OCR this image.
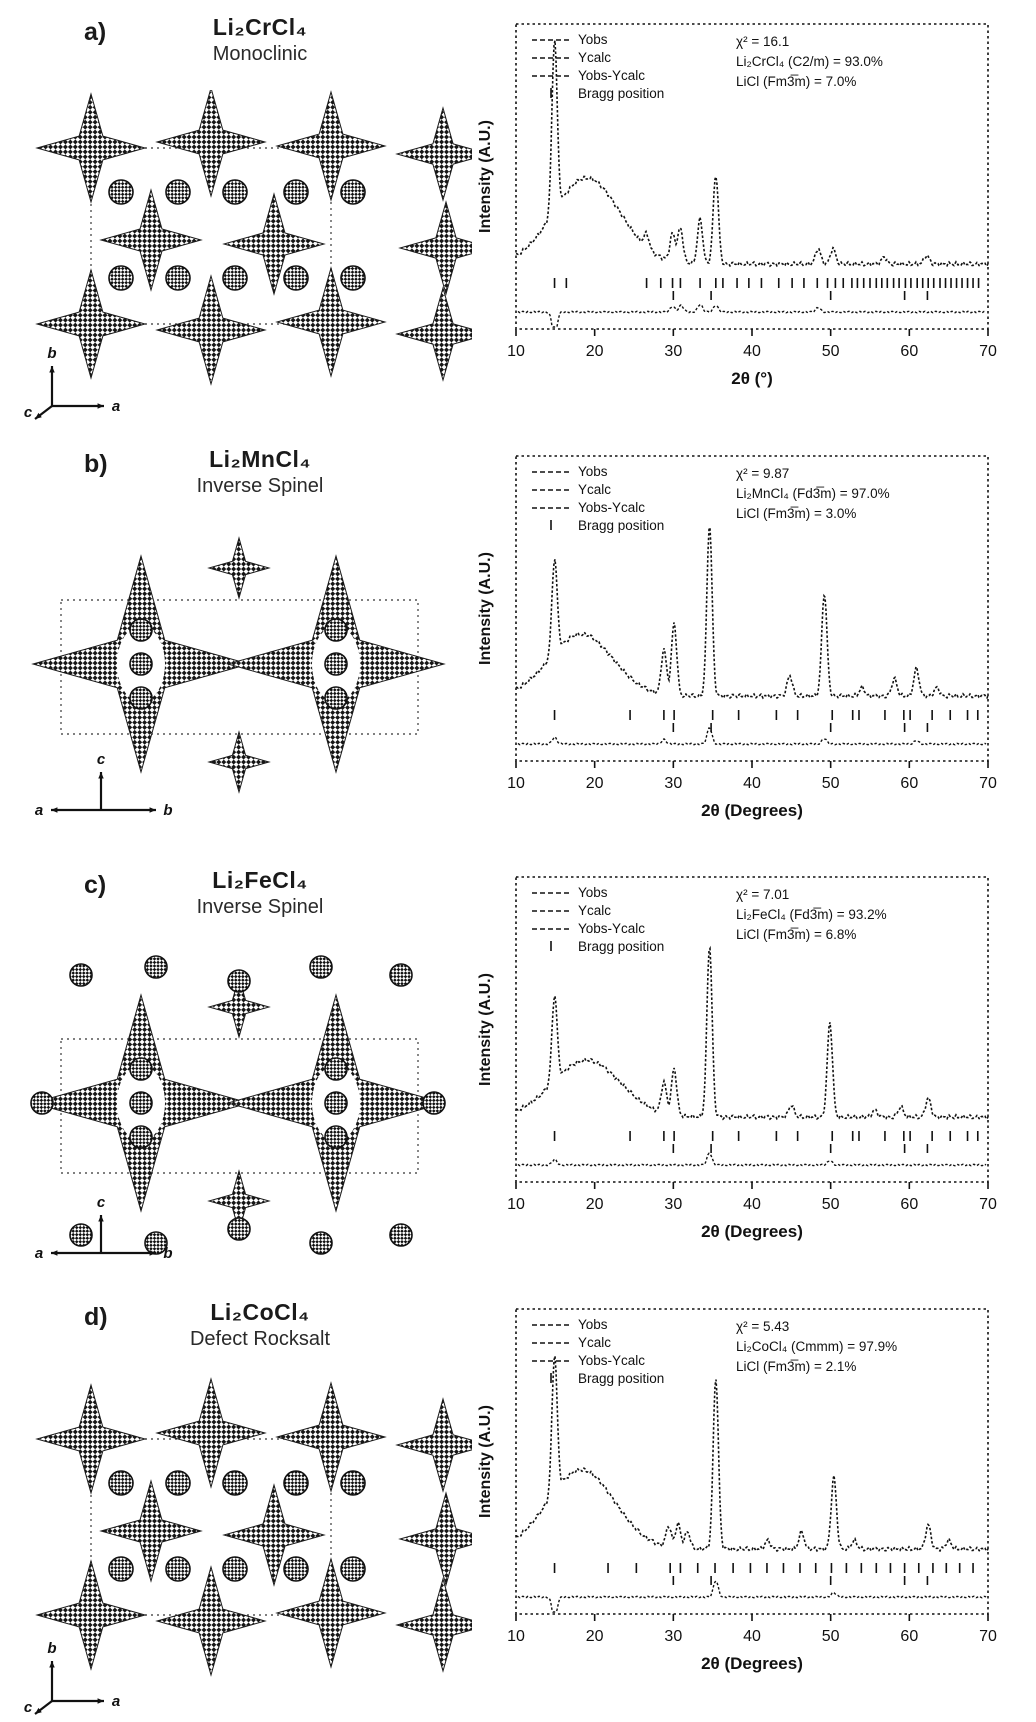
a)	Li₂CrCl₄
Monoclinic
b
a
c
Intensity (A.U.)
10	20	30	40	50	60	70
2θ (°)
Yobs
Ycalc
Yobs-Ycalc
Bragg position
χ² = 16.1
Li₂CrCl₄ (C2/m) = 93.0%
LiCl (Fm3̅m) = 7.0%
b)	Li₂MnCl₄
Inverse Spinel
c
a	b
Intensity (A.U.)
10	20	30	40	50	60	70
2θ (Degrees)
Yobs
Ycalc
Yobs-Ycalc
Bragg position
χ² = 9.87
Li₂MnCl₄ (Fd3̅m) = 97.0%
LiCl (Fm3̅m) = 3.0%
c)	Li₂FeCl₄
Inverse Spinel
c
a	b
Intensity (A.U.)
10	20	30	40	50	60	70
2θ (Degrees)
Yobs
Ycalc
Yobs-Ycalc
Bragg position
χ² = 7.01
Li₂FeCl₄ (Fd3̅m) = 93.2%
LiCl (Fm3̅m) = 6.8%
d)	Li₂CoCl₄
Defect Rocksalt
b
a
c
Intensity (A.U.)
10	20	30	40	50	60	70
2θ (Degrees)
Yobs
Ycalc
Yobs-Ycalc
Bragg position
χ² = 5.43
Li₂CoCl₄ (Cmmm) = 97.9%
LiCl (Fm3̅m) = 2.1%
